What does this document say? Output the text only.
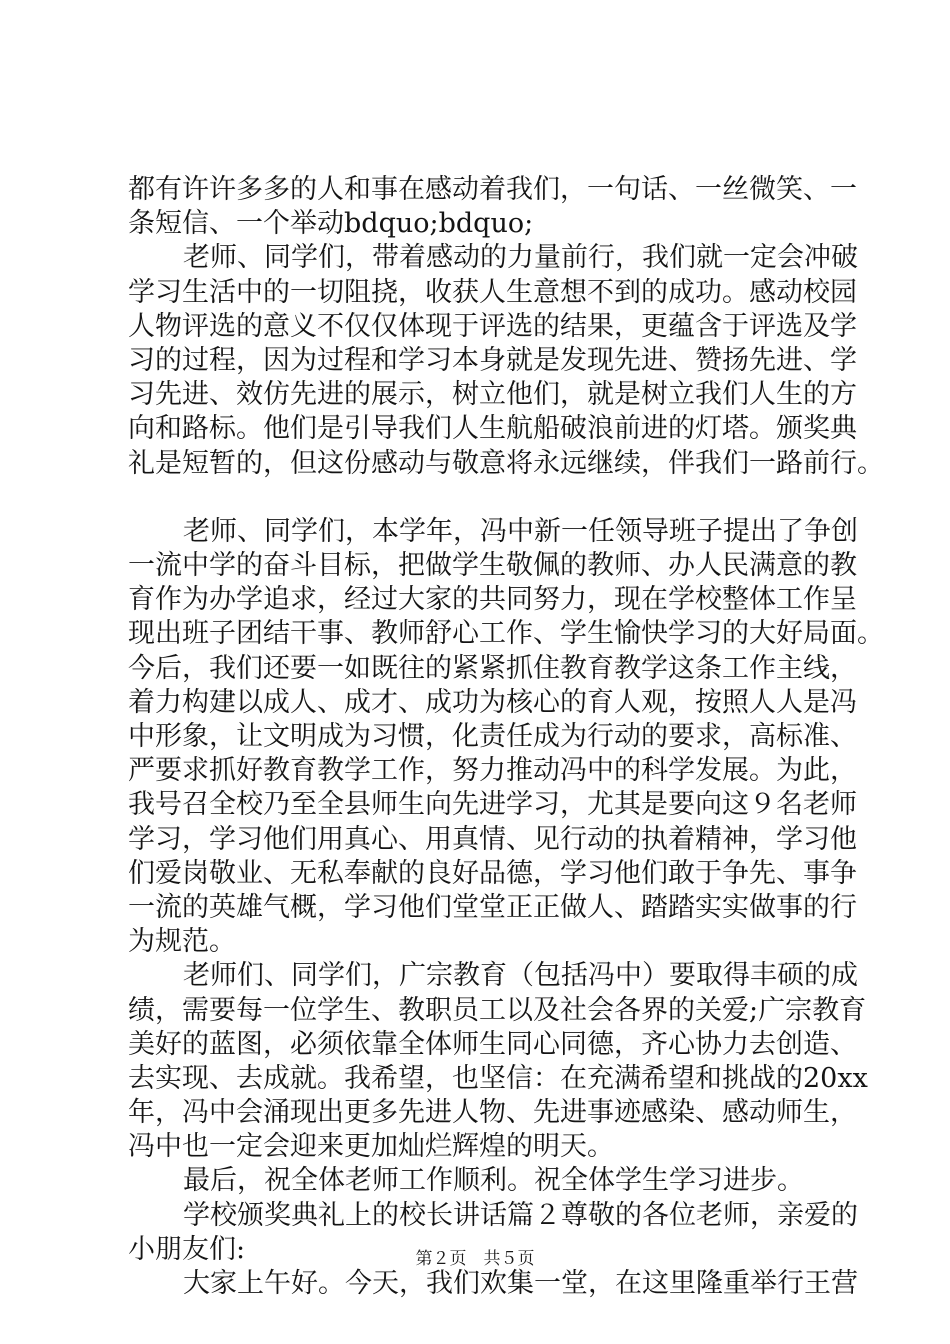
都有许许多多的人和事在感动着我们，一句话、一丝微笑、一
条短信、一个举动bdquo;bdquo;
老师、同学们，带着感动的力量前行，我们就一定会冲破
学习生活中的一切阻挠，收获人生意想不到的成功。感动校园
人物评选的意义不仅仅体现于评选的结果，更蕴含于评选及学
习的过程，因为过程和学习本身就是发现先进、赞扬先进、学
习先进、效仿先进的展示，树立他们，就是树立我们人生的方
向和路标。他们是引导我们人生航船破浪前进的灯塔。颁奖典
礼是短暂的，但这份感动与敬意将永远继续，伴我们一路前行。
老师、同学们，本学年，冯中新一任领导班子提出了争创
一流中学的奋斗目标，把做学生敬佩的教师、办人民满意的教
育作为办学追求，经过大家的共同努力，现在学校整体工作呈
现出班子团结干事、教师舒心工作、学生愉快学习的大好局面。
今后，我们还要一如既往的紧紧抓住教育教学这条工作主线，
着力构建以成人、成才、成功为核心的育人观，按照人人是冯
中形象，让文明成为习惯，化责任成为行动的要求，高标准、
严要求抓好教育教学工作，努力推动冯中的科学发展。为此，
我号召全校乃至全县师生向先进学习，尤其是要向这９名老师
学习，学习他们用真心、用真情、见行动的执着精神，学习他
们爱岗敬业、无私奉献的良好品德，学习他们敢于争先、事争
一流的英雄气概，学习他们堂堂正正做人、踏踏实实做事的行
为规范。
老师们、同学们，广宗教育（包括冯中）要取得丰硕的成
绩，需要每一位学生、教职员工以及社会各界的关爱;广宗教育
美好的蓝图，必须依靠全体师生同心同德，齐心协力去创造、
去实现、去成就。我希望，也坚信：在充满希望和挑战的20xx
年，冯中会涌现出更多先进人物、先进事迹感染、感动师生，
冯中也一定会迎来更加灿烂辉煌的明天。
最后，祝全体老师工作顺利。祝全体学生学习进步。
学校颁奖典礼上的校长讲话篇２尊敬的各位老师，亲爱的
小朋友们:
大家上午好。今天，我们欢集一堂，在这里隆重举行王营
第２页　共５页
